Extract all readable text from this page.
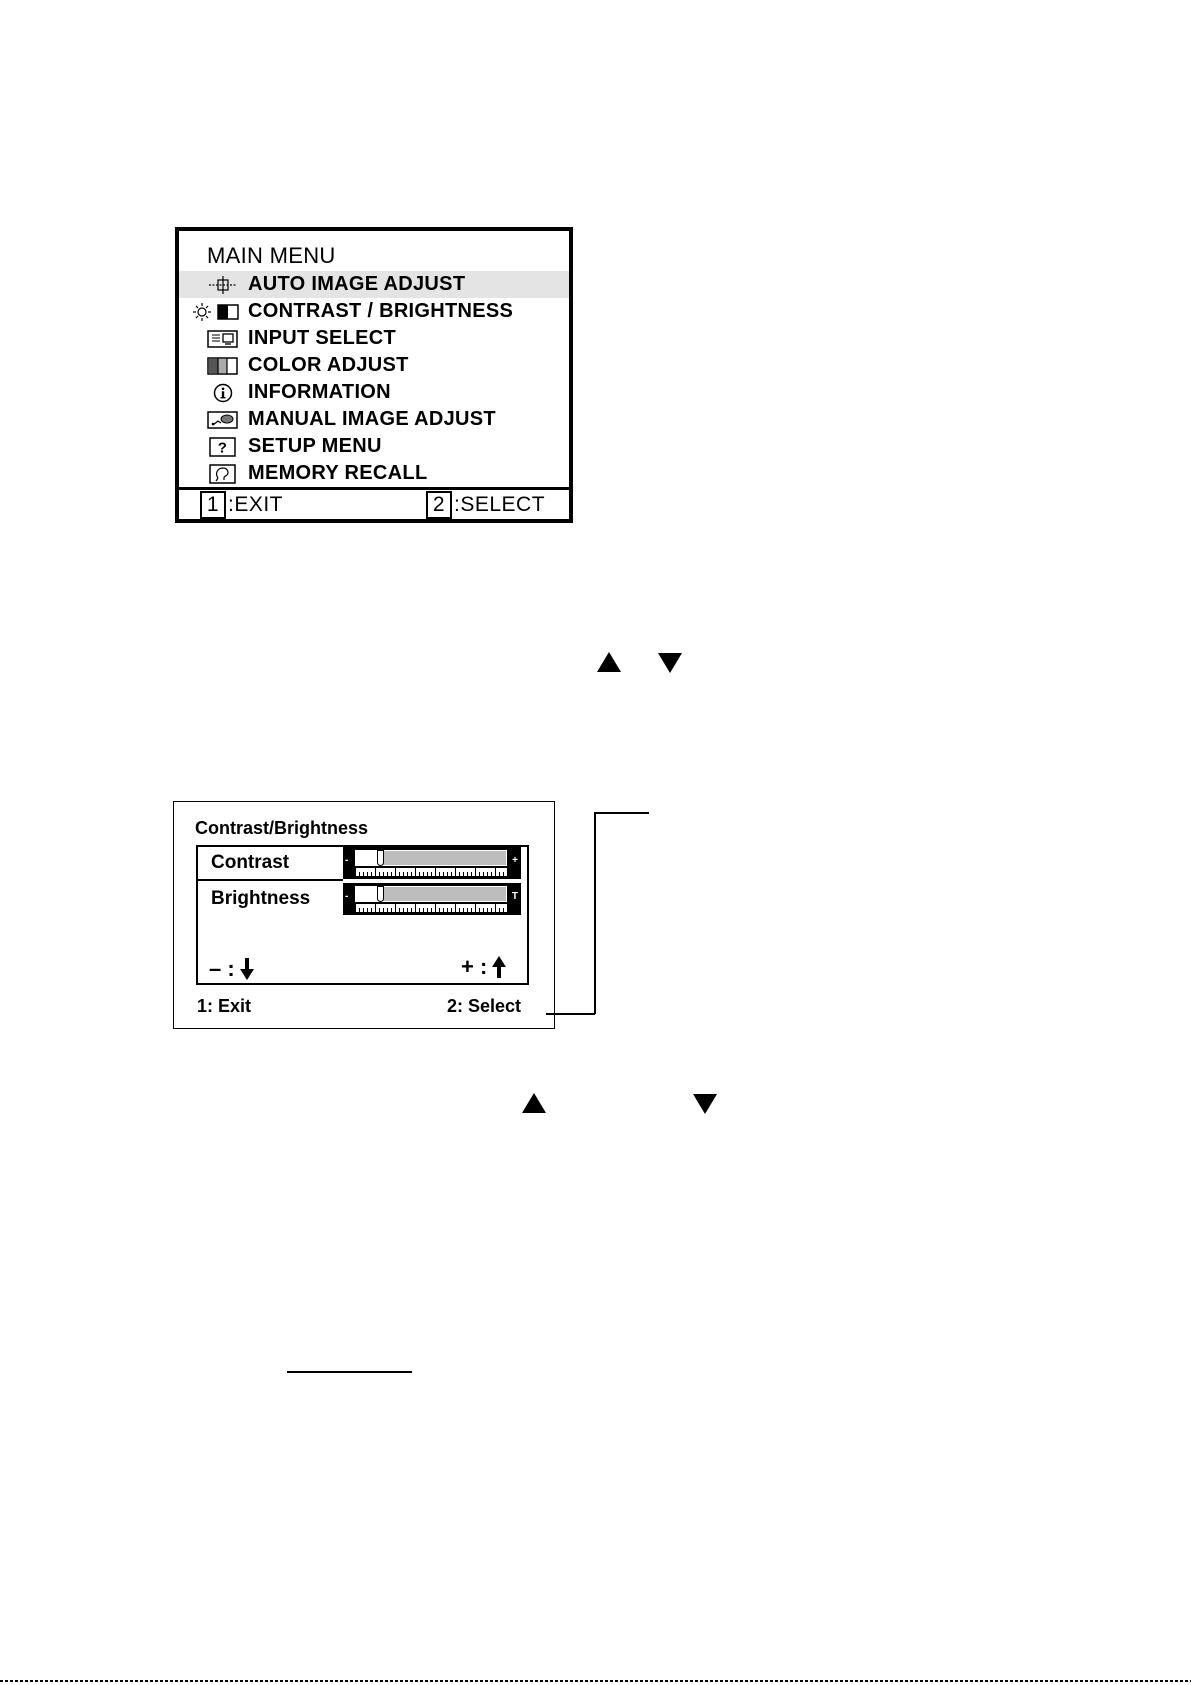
MAIN MENU
AUTO IMAGE ADJUST
CONTRAST / BRIGHTNESS
INPUT SELECT
COLOR ADJUST
INFORMATION
MANUAL IMAGE ADJUST
? SETUP MENU
MEMORY RECALL
1 :EXIT	2 :SELECT
Contrast/Brightness
Contrast	-	+
Brightness	-	T
– :	+ :
1: Exit	2: Select
